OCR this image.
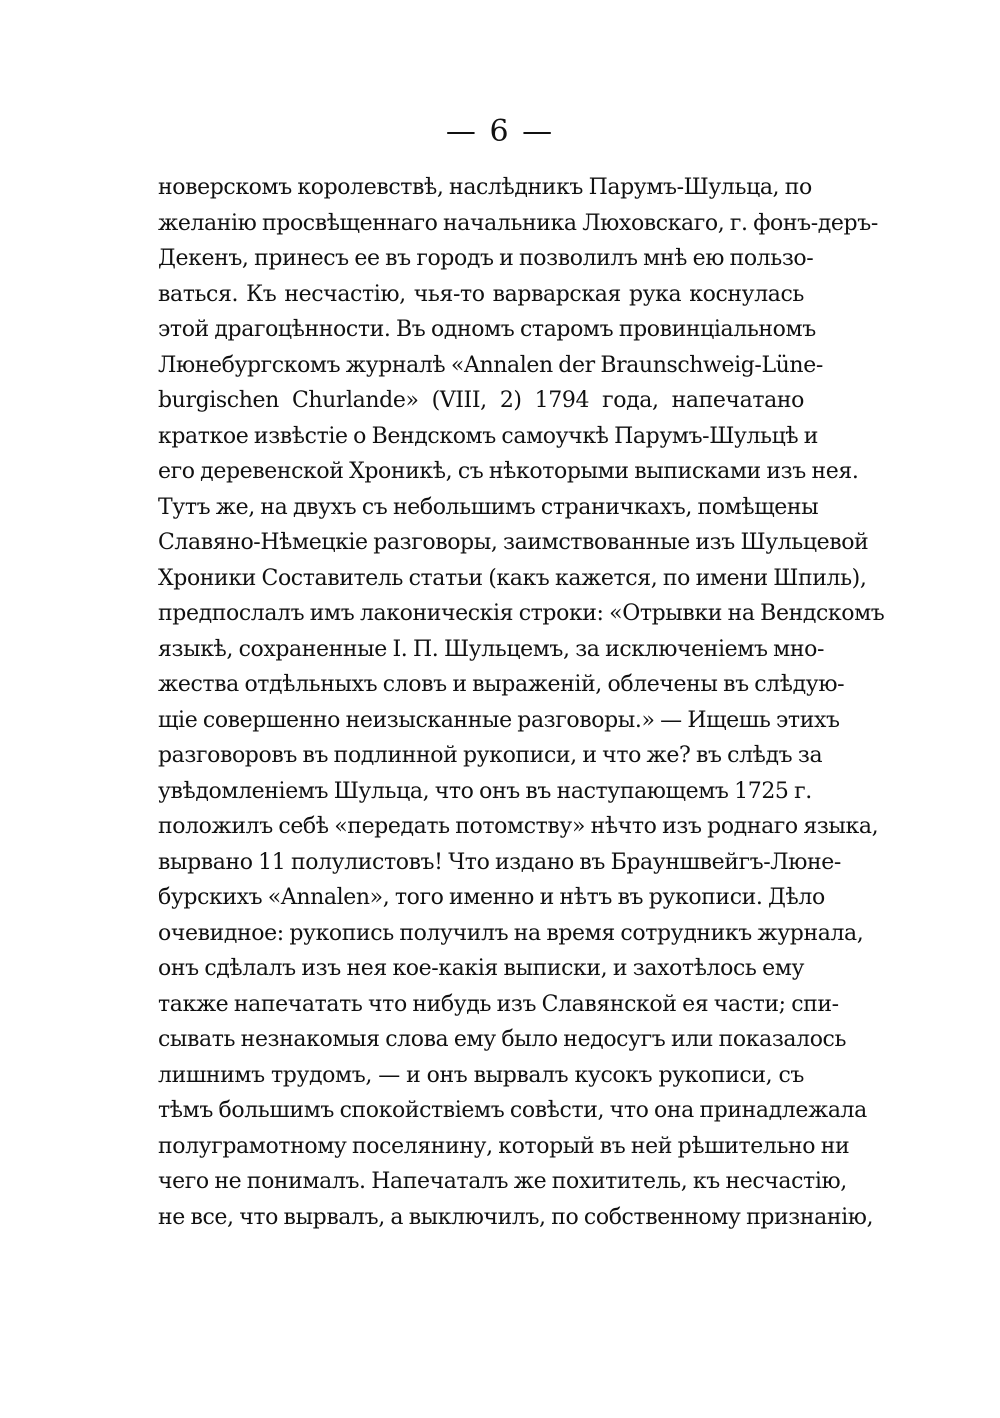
— 6 —
новерскомъ королевствѣ, наслѣдникъ Парумъ-Шульца, по
желанію просвѣщеннаго начальника Люховскаго, г. фонъ-деръ-
Декенъ, принесъ ее въ городъ и позволилъ мнѣ ею пользо-
ваться. Къ несчастію, чья-то варварская рука коснулась
этой драгоцѣнности. Въ одномъ старомъ провинціальномъ
Люнебургскомъ журналѣ «Annalen der Braunschweig-Lüne-
burgischen Churlande» (VIII, 2) 1794 года, напечатано
краткое извѣстіе о Вендскомъ самоучкѣ Парумъ-Шульцѣ и
его деревенской Хроникѣ, съ нѣкоторыми выписками изъ нея.
Тутъ же, на двухъ съ небольшимъ страничкахъ, помѣщены
Славяно-Нѣмецкіе разговоры, заимствованные изъ Шульцевой
Хроники Составитель статьи (какъ кажется, по имени Шпиль),
предпослалъ имъ лаконическія строки: «Отрывки на Вендскомъ
языкѣ, сохраненные I. П. Шульцемъ, за исключеніемъ мно-
жества отдѣльныхъ словъ и выраженій, облечены въ слѣдую-
щіе совершенно неизысканные разговоры.» — Ищешь этихъ
разговоровъ въ подлинной рукописи, и что же? въ слѣдъ за
увѣдомленіемъ Шульца, что онъ въ наступающемъ 1725 г.
положилъ себѣ «передать потомству» нѣчто изъ роднаго языка,
вырвано 11 полулистовъ! Что издано въ Брауншвейгъ-Люне-
бурскихъ «Annalen», того именно и нѣтъ въ рукописи. Дѣло
очевидное: рукопись получилъ на время сотрудникъ журнала,
онъ сдѣлалъ изъ нея кое-какія выписки, и захотѣлось ему
также напечатать что нибудь изъ Славянской ея части; спи-
сывать незнакомыя слова ему было недосугъ или показалось
лишнимъ трудомъ, — и онъ вырвалъ кусокъ рукописи, съ
тѣмъ большимъ спокойствіемъ совѣсти, что она принадлежала
полуграмотному поселянину, который въ ней рѣшительно ни
чего не понималъ. Напечаталъ же похититель, къ несчастію,
не все, что вырвалъ, а выключилъ, по собственному признанію,
